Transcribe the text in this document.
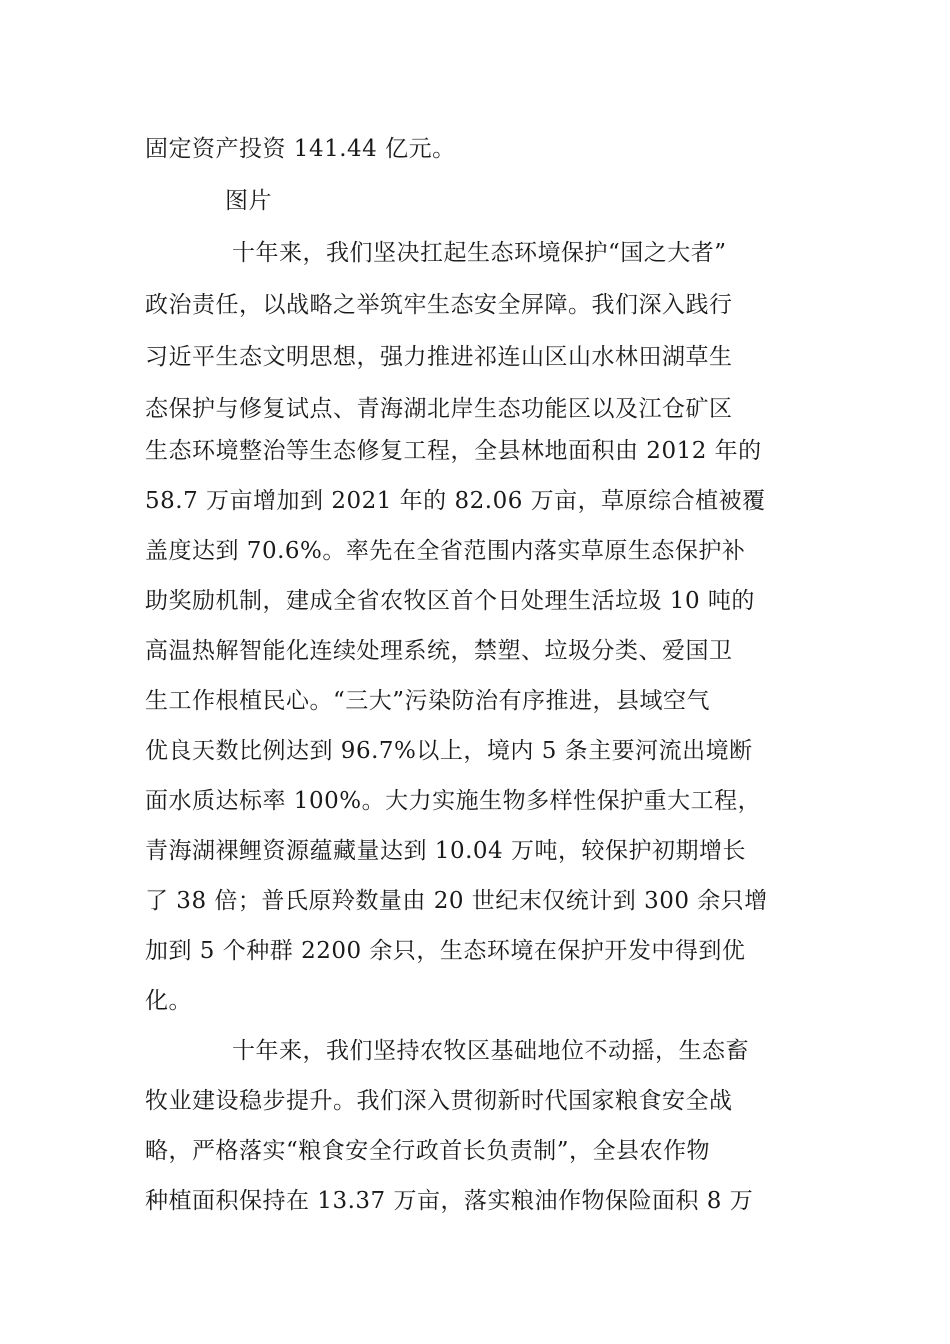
固定资产投资 141.44 亿元。
图片
十年来，我们坚决扛起生态环境保护“国之大者”
政治责任，以战略之举筑牢生态安全屏障。我们深入践行
习近平生态文明思想，强力推进祁连山区山水林田湖草生
态保护与修复试点、青海湖北岸生态功能区以及江仓矿区
生态环境整治等生态修复工程，全县林地面积由 2012 年的
58.7 万亩增加到 2021 年的 82.06 万亩，草原综合植被覆
盖度达到 70.6%。率先在全省范围内落实草原生态保护补
助奖励机制，建成全省农牧区首个日处理生活垃圾 10 吨的
高温热解智能化连续处理系统，禁塑、垃圾分类、爱国卫
生工作根植民心。“三大”污染防治有序推进，县域空气
优良天数比例达到 96.7%以上，境内 5 条主要河流出境断
面水质达标率 100%。大力实施生物多样性保护重大工程，
青海湖裸鲤资源蕴藏量达到 10.04 万吨，较保护初期增长
了 38 倍；普氏原羚数量由 20 世纪末仅统计到 300 余只增
加到 5 个种群 2200 余只，生态环境在保护开发中得到优
化。
十年来，我们坚持农牧区基础地位不动摇，生态畜
牧业建设稳步提升。我们深入贯彻新时代国家粮食安全战
略，严格落实“粮食安全行政首长负责制”，全县农作物
种植面积保持在 13.37 万亩，落实粮油作物保险面积 8 万
